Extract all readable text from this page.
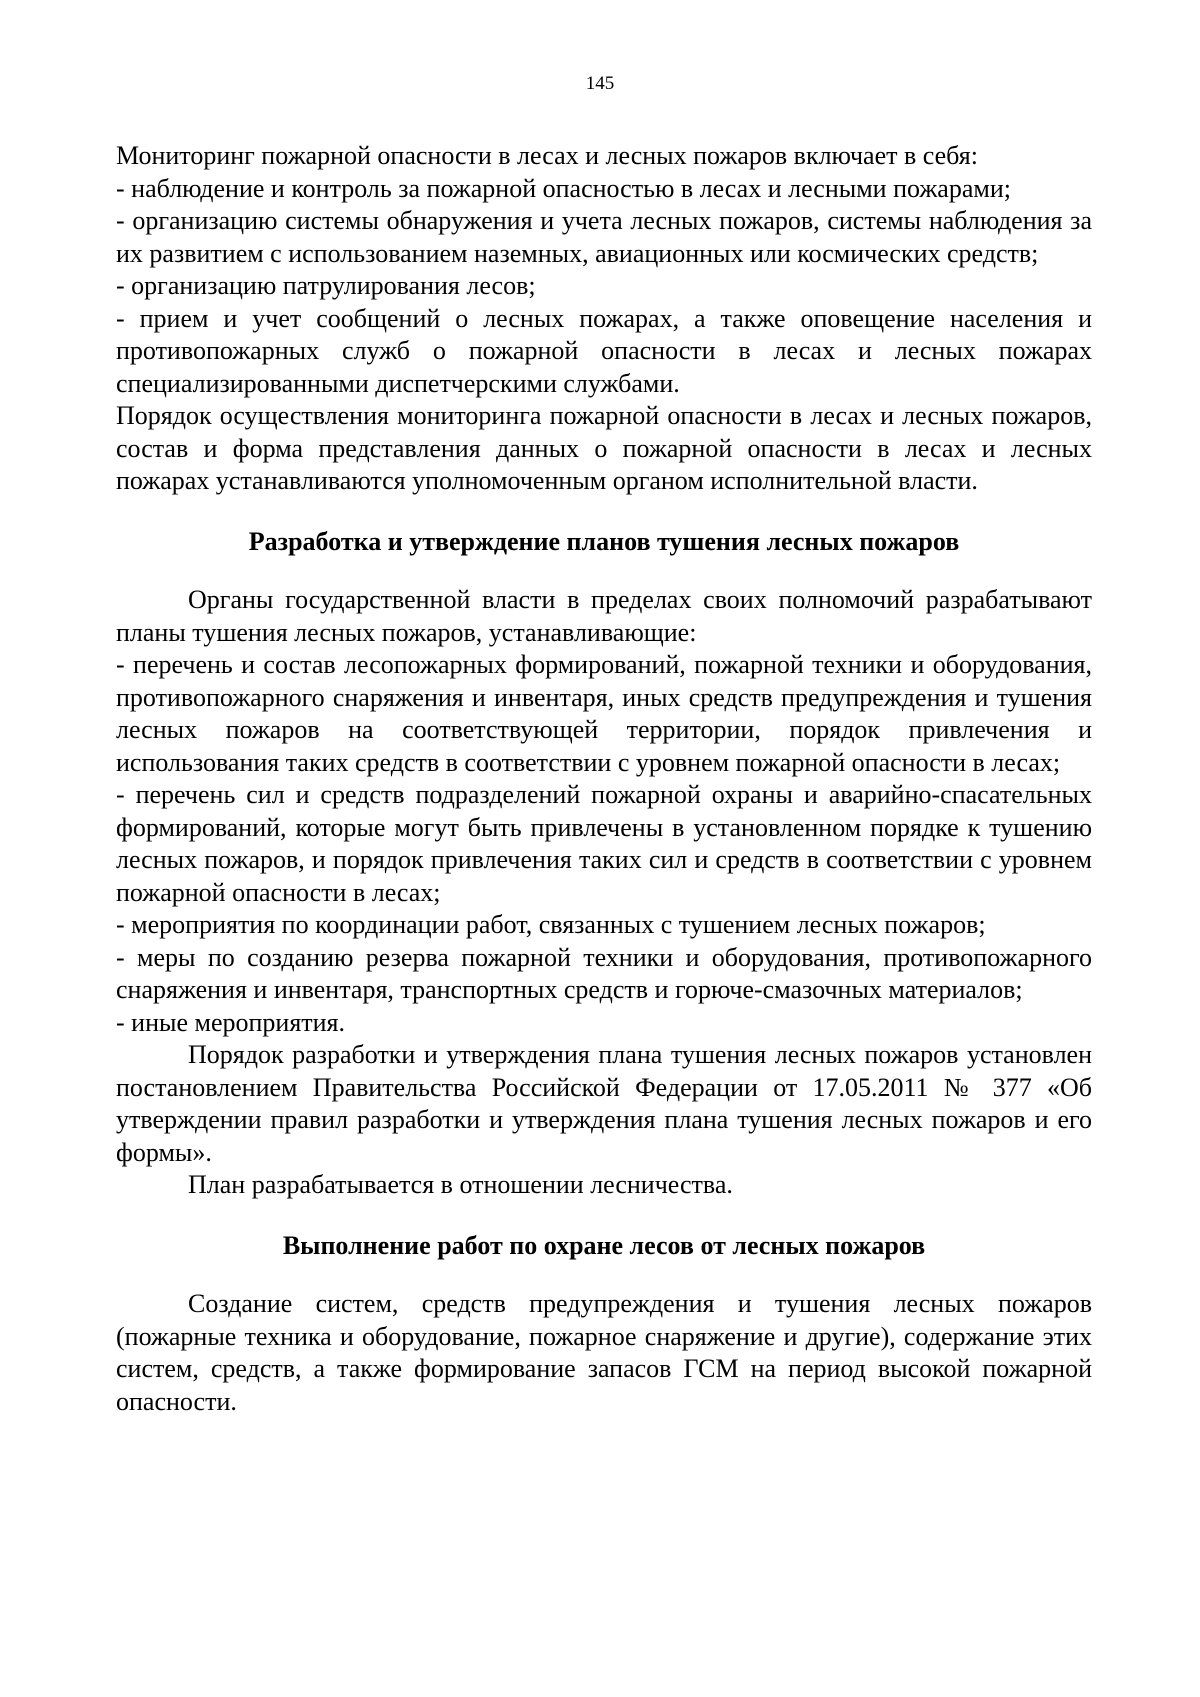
145

Мониторинг пожарной опасности в лесах и лесных пожаров включает в себя:

- наблюдение и контроль за пожарной опасностью в лесах и лесными пожарами;

- организацию системы обнаружения и учета лесных пожаров, системы наблюдения за их развитием с использованием наземных, авиационных или космических средств;

- организацию патрулирования лесов;

- прием и учет сообщений о лесных пожарах, а также оповещение населения и противопожарных служб о пожарной опасности в лесах и лесных пожарах специализированными диспетчерскими службами.

Порядок осуществления мониторинга пожарной опасности в лесах и лесных пожаров, состав и форма представления данных о пожарной опасности в лесах и лесных пожарах устанавливаются уполномоченным органом исполнительной власти.

Разработка и утверждение планов тушения лесных пожаров

Органы государственной власти в пределах своих полномочий разрабатывают планы тушения лесных пожаров, устанавливающие:

- перечень и состав лесопожарных формирований, пожарной техники и оборудования, противопожарного снаряжения и инвентаря, иных средств предупреждения и тушения лесных пожаров на соответствующей территории, порядок привлечения и использования таких средств в соответствии с уровнем пожарной опасности в лесах;

- перечень сил и средств подразделений пожарной охраны и аварийно-спасательных формирований, которые могут быть привлечены в установленном порядке к тушению лесных пожаров, и порядок привлечения таких сил и средств в соответствии с уровнем пожарной опасности в лесах;

- мероприятия по координации работ, связанных с тушением лесных пожаров;

- меры по созданию резерва пожарной техники и оборудования, противопожарного снаряжения и инвентаря, транспортных средств и горюче-смазочных материалов;

- иные мероприятия.

Порядок разработки и утверждения плана тушения лесных пожаров установлен постановлением Правительства Российской Федерации от 17.05.2011 № 377 «Об утверждении правил разработки и утверждения плана тушения лесных пожаров и его формы».

План разрабатывается в отношении лесничества.

Выполнение работ по охране лесов от лесных пожаров

Создание систем, средств предупреждения и тушения лесных пожаров (пожарные техника и оборудование, пожарное снаряжение и другие), содержание этих систем, средств, а также формирование запасов ГСМ на период высокой пожарной опасности.
